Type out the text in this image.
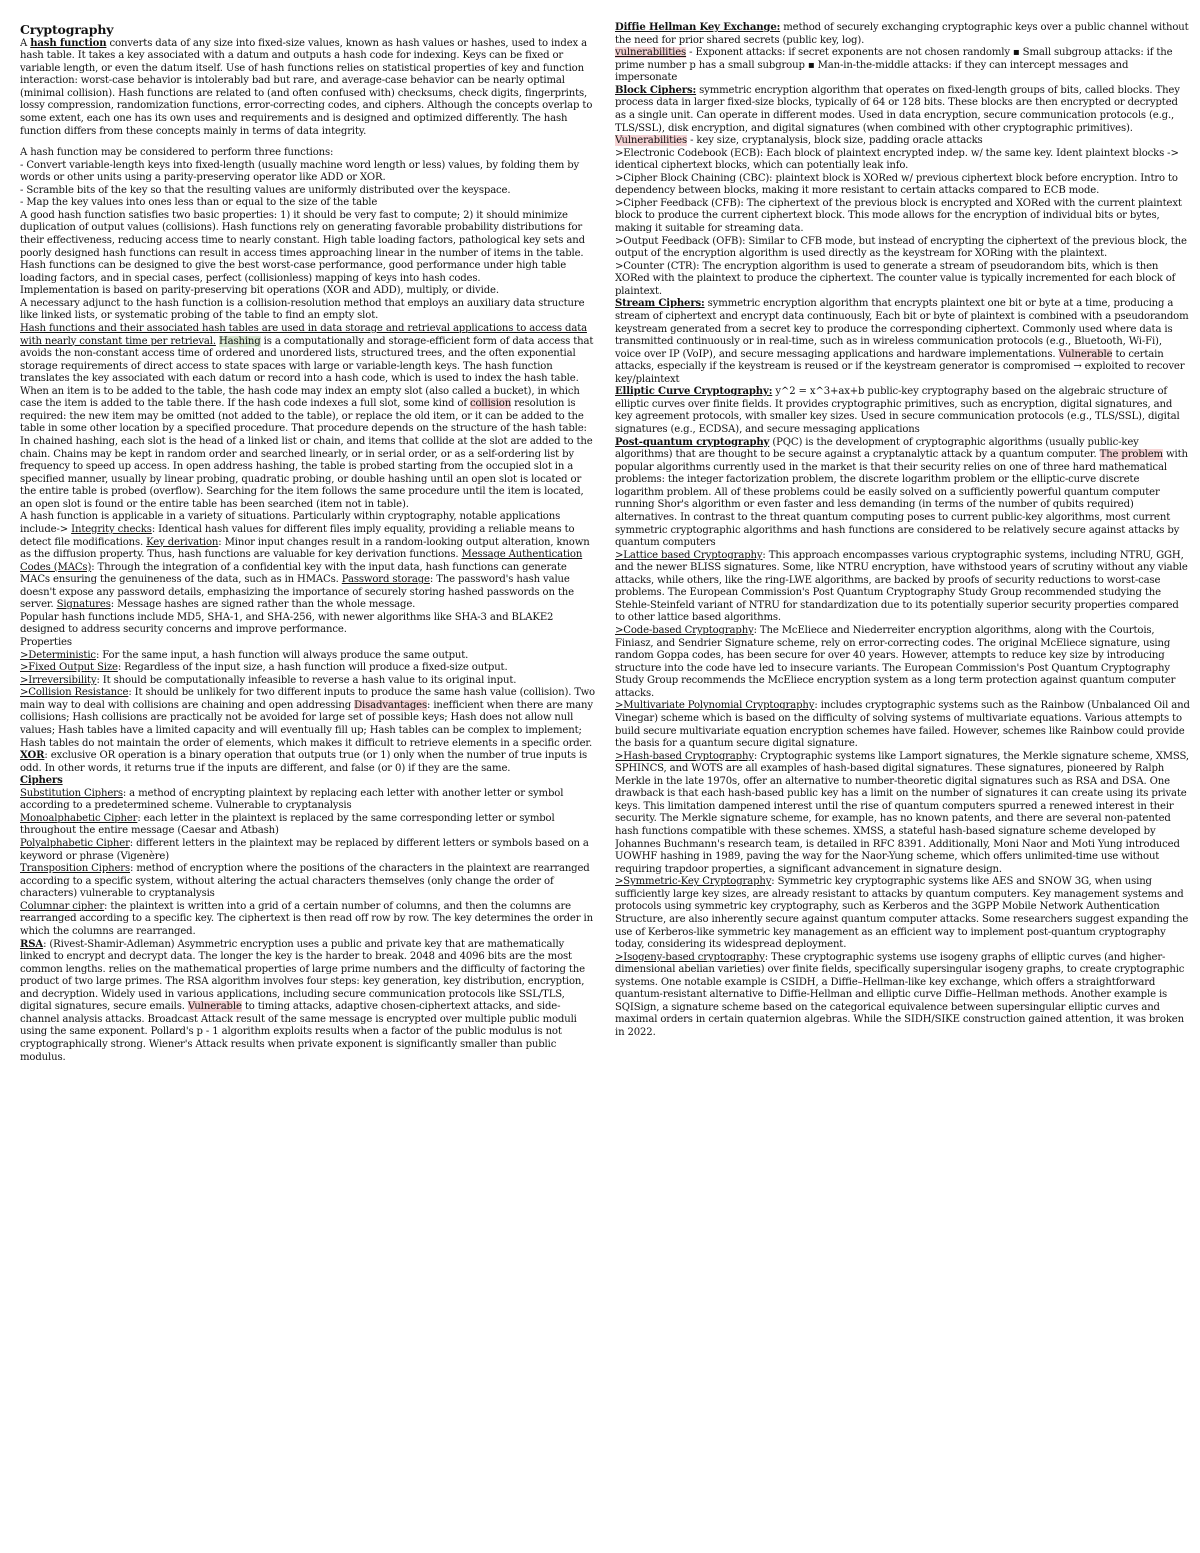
Cryptography

A hash function converts data of any size into fixed-size values, known as hash values or hashes, used to index a hash table. It takes a key associated with a datum and outputs a hash code for indexing. Keys can be fixed or variable length, or even the datum itself. Use of hash functions relies on statistical properties of key and function interaction: worst-case behavior is intolerably bad but rare, and average-case behavior can be nearly optimal (minimal collision). Hash functions are related to (and often confused with) checksums, check digits, fingerprints, lossy compression, randomization functions, error-correcting codes, and ciphers. Although the concepts overlap to some extent, each one has its own uses and requirements and is designed and optimized differently. The hash function differs from these concepts mainly in terms of data integrity.

A hash function may be considered to perform three functions:

- Convert variable-length keys into fixed-length (usually machine word length or less) values, by folding them by words or other units using a parity-preserving operator like ADD or XOR.

- Scramble bits of the key so that the resulting values are uniformly distributed over the keyspace.

- Map the key values into ones less than or equal to the size of the table

A good hash function satisfies two basic properties: 1) it should be very fast to compute; 2) it should minimize duplication of output values (collisions). Hash functions rely on generating favorable probability distributions for their effectiveness, reducing access time to nearly constant. High table loading factors, pathological key sets and poorly designed hash functions can result in access times approaching linear in the number of items in the table. Hash functions can be designed to give the best worst-case performance, good performance under high table loading factors, and in special cases, perfect (collisionless) mapping of keys into hash codes.

Implementation is based on parity-preserving bit operations (XOR and ADD), multiply, or divide.

A necessary adjunct to the hash function is a collision-resolution method that employs an auxiliary data structure like linked lists, or systematic probing of the table to find an empty slot.

Hash functions and their associated hash tables are used in data storage and retrieval applications to access data with nearly constant time per retrieval. Hashing is a computationally and storage-efficient form of data access that avoids the non-constant access time of ordered and unordered lists, structured trees, and the often exponential storage requirements of direct access to state spaces with large or variable-length keys. The hash function translates the key associated with each datum or record into a hash code, which is used to index the hash table. When an item is to be added to the table, the hash code may index an empty slot (also called a bucket), in which case the item is added to the table there. If the hash code indexes a full slot, some kind of collision resolution is required: the new item may be omitted (not added to the table), or replace the old item, or it can be added to the table in some other location by a specified procedure. That procedure depends on the structure of the hash table: In chained hashing, each slot is the head of a linked list or chain, and items that collide at the slot are added to the chain. Chains may be kept in random order and searched linearly, or in serial order, or as a self-ordering list by frequency to speed up access. In open address hashing, the table is probed starting from the occupied slot in a specified manner, usually by linear probing, quadratic probing, or double hashing until an open slot is located or the entire table is probed (overflow). Searching for the item follows the same procedure until the item is located, an open slot is found or the entire table has been searched (item not in table).

A hash function is applicable in a variety of situations. Particularly within cryptography, notable applications include-> Integrity checks: Identical hash values for different files imply equality, providing a reliable means to detect file modifications. Key derivation: Minor input changes result in a random-looking output alteration, known as the diffusion property. Thus, hash functions are valuable for key derivation functions. Message Authentication Codes (MACs): Through the integration of a confidential key with the input data, hash functions can generate MACs ensuring the genuineness of the data, such as in HMACs. Password storage: The password's hash value doesn't expose any password details, emphasizing the importance of securely storing hashed passwords on the server. Signatures: Message hashes are signed rather than the whole message.

Popular hash functions include MD5, SHA-1, and SHA-256, with newer algorithms like SHA-3 and BLAKE2 designed to address security concerns and improve performance.

Properties

>Deterministic: For the same input, a hash function will always produce the same output.

>Fixed Output Size: Regardless of the input size, a hash function will produce a fixed-size output.

>Irreversibility: It should be computationally infeasible to reverse a hash value to its original input.

>Collision Resistance: It should be unlikely for two different inputs to produce the same hash value (collision). Two main way to deal with collisions are chaining and open addressing Disadvantages: inefficient when there are many collisions; Hash collisions are practically not be avoided for large set of possible keys; Hash does not allow null values; Hash tables have a limited capacity and will eventually fill up; Hash tables can be complex to implement; Hash tables do not maintain the order of elements, which makes it difficult to retrieve elements in a specific order.

XOR: exclusive OR operation is a binary operation that outputs true (or 1) only when the number of true inputs is odd. In other words, it returns true if the inputs are different, and false (or 0) if they are the same.

Ciphers

Substitution Ciphers: a method of encrypting plaintext by replacing each letter with another letter or symbol according to a predetermined scheme. Vulnerable to cryptanalysis

Monoalphabetic Cipher: each letter in the plaintext is replaced by the same corresponding letter or symbol throughout the entire message (Caesar and Atbash)

Polyalphabetic Cipher: different letters in the plaintext may be replaced by different letters or symbols based on a keyword or phrase (Vigenère)

Transposition Ciphers: method of encryption where the positions of the characters in the plaintext are rearranged according to a specific system, without altering the actual characters themselves (only change the order of characters) vulnerable to cryptanalysis

Columnar cipher: the plaintext is written into a grid of a certain number of columns, and then the columns are rearranged according to a specific key. The ciphertext is then read off row by row. The key determines the order in which the columns are rearranged.

RSA: (Rivest-Shamir-Adleman) Asymmetric encryption uses a public and private key that are mathematically linked to encrypt and decrypt data. The longer the key is the harder to break. 2048 and 4096 bits are the most common lengths. relies on the mathematical properties of large prime numbers and the difficulty of factoring the product of two large primes. The RSA algorithm involves four steps: key generation, key distribution, encryption, and decryption. Widely used in various applications, including secure communication protocols like SSL/TLS, digital signatures, secure emails. Vulnerable to timing attacks, adaptive chosen-ciphertext attacks, and side-channel analysis attacks. Broadcast Attack result of the same message is encrypted over multiple public moduli using the same exponent. Pollard's p - 1 algorithm exploits results when a factor of the public modulus is not cryptographically strong. Wiener's Attack results when private exponent is significantly smaller than public modulus.

Diffie Hellman Key Exchange: method of securely exchanging cryptographic keys over a public channel without the need for prior shared secrets (public key, log).

vulnerabilities - Exponent attacks: if secret exponents are not chosen randomly ▪ Small subgroup attacks: if the prime number p has a small subgroup ▪ Man-in-the-middle attacks: if they can intercept messages and impersonate

Block Ciphers: symmetric encryption algorithm that operates on fixed-length groups of bits, called blocks. They process data in larger fixed-size blocks, typically of 64 or 128 bits. These blocks are then encrypted or decrypted as a single unit. Can operate in different modes. Used in data encryption, secure communication protocols (e.g., TLS/SSL), disk encryption, and digital signatures (when combined with other cryptographic primitives). Vulnerabilities - key size, cryptanalysis, block size, padding oracle attacks

>Electronic Codebook (ECB): Each block of plaintext encrypted indep. w/ the same key. Ident plaintext blocks -> identical ciphertext blocks, which can potentially leak info.

>Cipher Block Chaining (CBC): plaintext block is XORed w/ previous ciphertext block before encryption. Intro to dependency between blocks, making it more resistant to certain attacks compared to ECB mode.

>Cipher Feedback (CFB): The ciphertext of the previous block is encrypted and XORed with the current plaintext block to produce the current ciphertext block. This mode allows for the encryption of individual bits or bytes, making it suitable for streaming data.

>Output Feedback (OFB): Similar to CFB mode, but instead of encrypting the ciphertext of the previous block, the output of the encryption algorithm is used directly as the keystream for XORing with the plaintext.

>Counter (CTR): The encryption algorithm is used to generate a stream of pseudorandom bits, which is then XORed with the plaintext to produce the ciphertext. The counter value is typically incremented for each block of plaintext.

Stream Ciphers: symmetric encryption algorithm that encrypts plaintext one bit or byte at a time, producing a stream of ciphertext and encrypt data continuously, Each bit or byte of plaintext is combined with a pseudorandom keystream generated from a secret key to produce the corresponding ciphertext. Commonly used where data is transmitted continuously or in real-time, such as in wireless communication protocols (e.g., Bluetooth, Wi-Fi), voice over IP (VoIP), and secure messaging applications and hardware implementations. Vulnerable to certain attacks, especially if the keystream is reused or if the keystream generator is compromised → exploited to recover key/plaintext

Elliptic Curve Cryptography: y^2 = x^3+ax+b public-key cryptography based on the algebraic structure of elliptic curves over finite fields. It provides cryptographic primitives, such as encryption, digital signatures, and key agreement protocols, with smaller key sizes. Used in secure communication protocols (e.g., TLS/SSL), digital signatures (e.g., ECDSA), and secure messaging applications

Post-quantum cryptography (PQC) is the development of cryptographic algorithms (usually public-key algorithms) that are thought to be secure against a cryptanalytic attack by a quantum computer. The problem with popular algorithms currently used in the market is that their security relies on one of three hard mathematical problems: the integer factorization problem, the discrete logarithm problem or the elliptic-curve discrete logarithm problem. All of these problems could be easily solved on a sufficiently powerful quantum computer running Shor's algorithm or even faster and less demanding (in terms of the number of qubits required) alternatives. In contrast to the threat quantum computing poses to current public-key algorithms, most current symmetric cryptographic algorithms and hash functions are considered to be relatively secure against attacks by quantum computers

>Lattice based Cryptography: This approach encompasses various cryptographic systems, including NTRU, GGH, and the newer BLISS signatures. Some, like NTRU encryption, have withstood years of scrutiny without any viable attacks, while others, like the ring-LWE algorithms, are backed by proofs of security reductions to worst-case problems. The European Commission's Post Quantum Cryptography Study Group recommended studying the Stehle-Steinfeld variant of NTRU for standardization due to its potentially superior security properties compared to other lattice based algorithms.

>Code-based Cryptography: The McEliece and Niederreiter encryption algorithms, along with the Courtois, Finiasz, and Sendrier Signature scheme, rely on error-correcting codes. The original McEliece signature, using random Goppa codes, has been secure for over 40 years. However, attempts to reduce key size by introducing structure into the code have led to insecure variants. The European Commission's Post Quantum Cryptography Study Group recommends the McEliece encryption system as a long term protection against quantum computer attacks.

>Multivariate Polynomial Cryptography: includes cryptographic systems such as the Rainbow (Unbalanced Oil and Vinegar) scheme which is based on the difficulty of solving systems of multivariate equations. Various attempts to build secure multivariate equation encryption schemes have failed. However, schemes like Rainbow could provide the basis for a quantum secure digital signature.

>Hash-based Cryptography: Cryptographic systems like Lamport signatures, the Merkle signature scheme, XMSS, SPHINCS, and WOTS are all examples of hash-based digital signatures. These signatures, pioneered by Ralph Merkle in the late 1970s, offer an alternative to number-theoretic digital signatures such as RSA and DSA. One drawback is that each hash-based public key has a limit on the number of signatures it can create using its private keys. This limitation dampened interest until the rise of quantum computers spurred a renewed interest in their security. The Merkle signature scheme, for example, has no known patents, and there are several non-patented hash functions compatible with these schemes. XMSS, a stateful hash-based signature scheme developed by Johannes Buchmann's research team, is detailed in RFC 8391. Additionally, Moni Naor and Moti Yung introduced UOWHF hashing in 1989, paving the way for the Naor-Yung scheme, which offers unlimited-time use without requiring trapdoor properties, a significant advancement in signature design.

>Symmetric-Key Cryptography: Symmetric key cryptographic systems like AES and SNOW 3G, when using sufficiently large key sizes, are already resistant to attacks by quantum computers. Key management systems and protocols using symmetric key cryptography, such as Kerberos and the 3GPP Mobile Network Authentication Structure, are also inherently secure against quantum computer attacks. Some researchers suggest expanding the use of Kerberos-like symmetric key management as an efficient way to implement post-quantum cryptography today, considering its widespread deployment.

>Isogeny-based cryptography: These cryptographic systems use isogeny graphs of elliptic curves (and higher-dimensional abelian varieties) over finite fields, specifically supersingular isogeny graphs, to create cryptographic systems. One notable example is CSIDH, a Diffie–Hellman-like key exchange, which offers a straightforward quantum-resistant alternative to Diffie-Hellman and elliptic curve Diffie–Hellman methods. Another example is SQISign, a signature scheme based on the categorical equivalence between supersingular elliptic curves and maximal orders in certain quaternion algebras. While the SIDH/SIKE construction gained attention, it was broken in 2022.
